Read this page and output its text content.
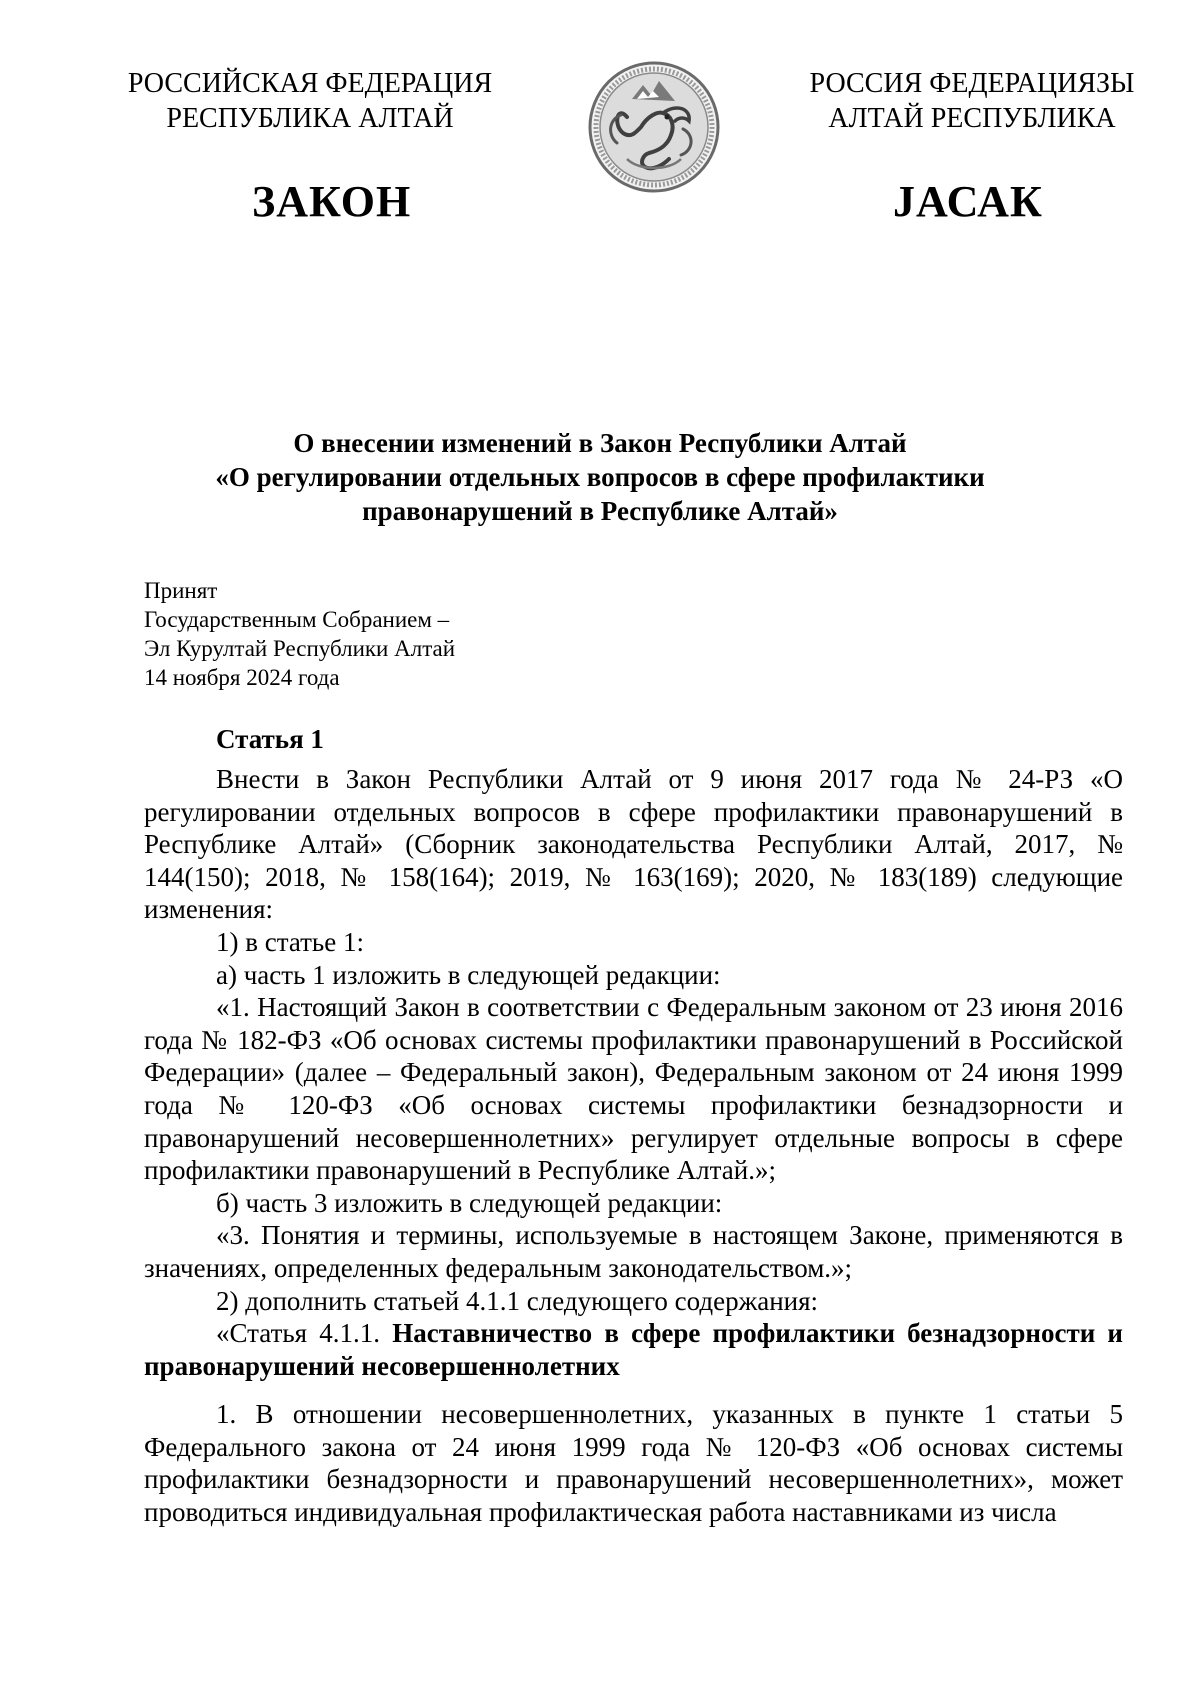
РОССИЙСКАЯ ФЕДЕРАЦИЯ
РЕСПУБЛИКА АЛТАЙ
РОССИЯ ФЕДЕРАЦИЯЗЫ
АЛТАЙ РЕСПУБЛИКА
ЗАКОН	ЈАСАК
О внесении изменений в Закон Республики Алтай
«О регулировании отдельных вопросов в сфере профилактики
правонарушений в Республике Алтай»
Принят
Государственным Собранием –
Эл Курултай Республики Алтай
14 ноября 2024 года
Статья 1

Внести в Закон Республики Алтай от 9 июня 2017 года № 24-РЗ «О регулировании отдельных вопросов в сфере профилактики правонарушений в Республике Алтай» (Сборник законодательства Республики Алтай, 2017, № 144(150); 2018, № 158(164); 2019, № 163(169); 2020, № 183(189) следующие изменения:

1) в статье 1:

а) часть 1 изложить в следующей редакции:

«1. Настоящий Закон в соответствии с Федеральным законом от 23 июня 2016 года № 182-ФЗ «Об основах системы профилактики правонарушений в Российской Федерации» (далее – Федеральный закон), Федеральным законом от 24 июня 1999 года № 120-ФЗ «Об основах системы профилактики безнадзорности и правонарушений несовершеннолетних» регулирует отдельные вопросы в сфере профилактики правонарушений в Республике Алтай.»;

б) часть 3 изложить в следующей редакции:

«3. Понятия и термины, используемые в настоящем Законе, применяются в значениях, определенных федеральным законодательством.»;

2) дополнить статьей 4.1.1 следующего содержания:

«Статья 4.1.1. Наставничество в сфере профилактики безнадзорности и правонарушений несовершеннолетних

1. В отношении несовершеннолетних, указанных в пункте 1 статьи 5 Федерального закона от 24 июня 1999 года № 120-ФЗ «Об основах системы профилактики безнадзорности и правонарушений несовершеннолетних», может проводиться индивидуальная профилактическая работа наставниками из числа
